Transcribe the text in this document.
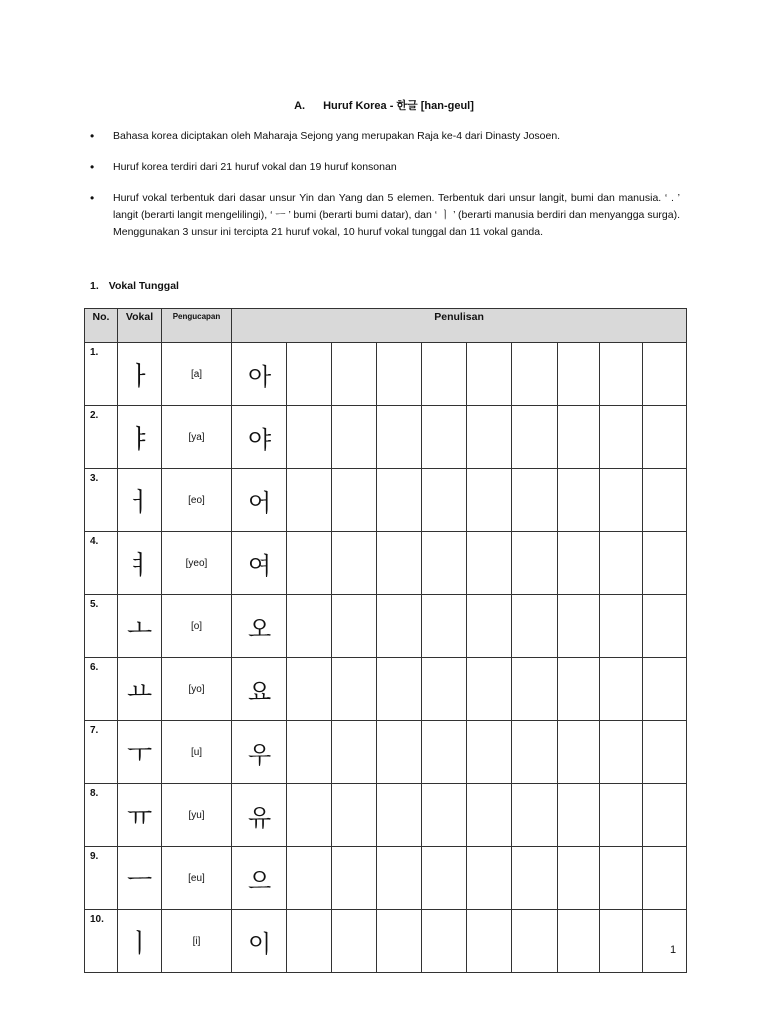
A. Huruf Korea - 한글 [han-geul]
• Bahasa korea diciptakan oleh Maharaja Sejong yang merupakan Raja ke-4 dari Dinasty Josoen.
• Huruf korea terdiri dari 21 huruf vokal dan 19 huruf konsonan
• Huruf vokal terbentuk dari dasar unsur Yin dan Yang dan 5 elemen. Terbentuk dari unsur langit, bumi dan manusia. ‘ . ’ langit (berarti langit mengelilingi), ‘ ㅡ ’ bumi (berarti bumi datar), dan ‘ ㅣ ’ (berarti manusia berdiri dan menyangga surga). Menggunakan 3 unsur ini tercipta 21 huruf vokal, 10 huruf vokal tunggal dan 11 vokal ganda.
1. Vokal Tunggal
No.	Vokal	Pengucapan	Penulisan									
1.	ㅏ	[a]	아									
2.	ㅑ	[ya]	야									
3.	ㅓ	[eo]	어									
4.	ㅕ	[yeo]	여									
5.	ㅗ	[o]	오									
6.	ㅛ	[yo]	요									
7.	ㅜ	[u]	우									
8.	ㅠ	[yu]	유									
9.	ㅡ	[eu]	으									
10.	ㅣ	[i]	이										1
